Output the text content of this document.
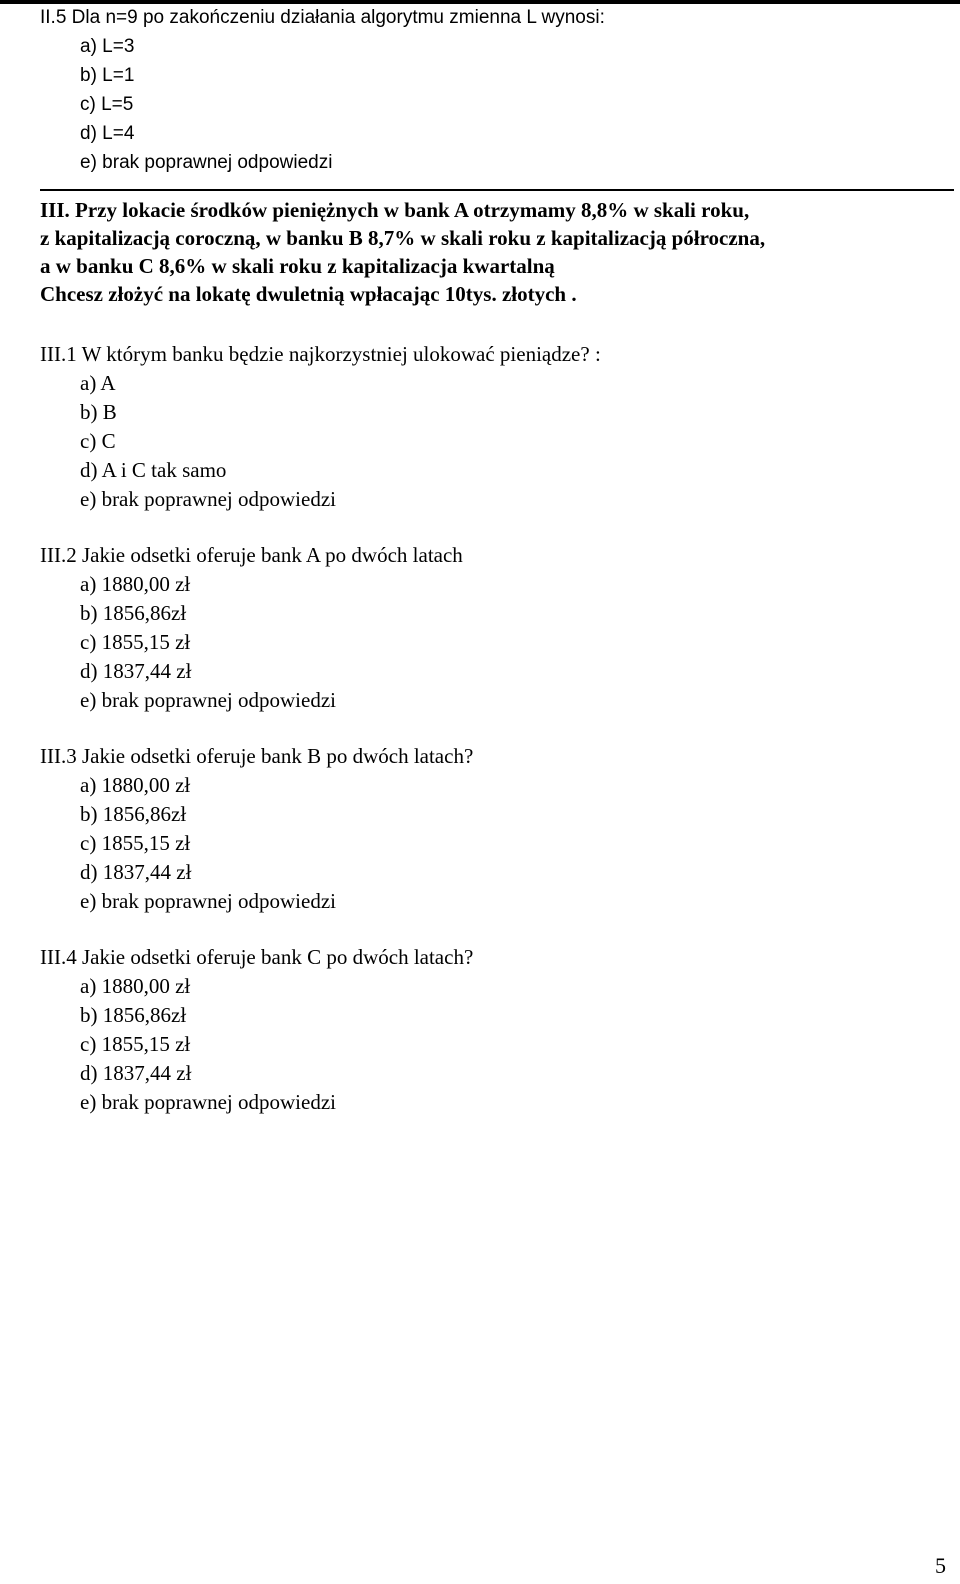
II.5 Dla n=9 po zakończeniu działania algorytmu zmienna L wynosi:
a) L=3
b) L=1
c) L=5
d) L=4
e) brak poprawnej odpowiedzi
III. Przy lokacie środków pieniężnych w bank A otrzymamy 8,8% w skali roku,
z kapitalizacją coroczną, w banku B 8,7% w skali roku z kapitalizacją półroczna,
a w banku C 8,6% w skali roku z kapitalizacja kwartalną
Chcesz złożyć na lokatę dwuletnią wpłacając 10tys. złotych .
III.1 W którym banku będzie najkorzystniej ulokować pieniądze? :
a) A
b) B
c) C
d) A i C tak samo
e) brak poprawnej odpowiedzi
III.2 Jakie odsetki oferuje bank A po dwóch latach
a) 1880,00 zł
b) 1856,86zł
c) 1855,15 zł
d) 1837,44 zł
e) brak poprawnej odpowiedzi
III.3 Jakie odsetki oferuje bank B po dwóch latach?
a) 1880,00 zł
b) 1856,86zł
c) 1855,15 zł
d) 1837,44 zł
e) brak poprawnej odpowiedzi
III.4 Jakie odsetki oferuje bank C po dwóch latach?
a) 1880,00 zł
b) 1856,86zł
c) 1855,15 zł
d) 1837,44 zł
e) brak poprawnej odpowiedzi
5
